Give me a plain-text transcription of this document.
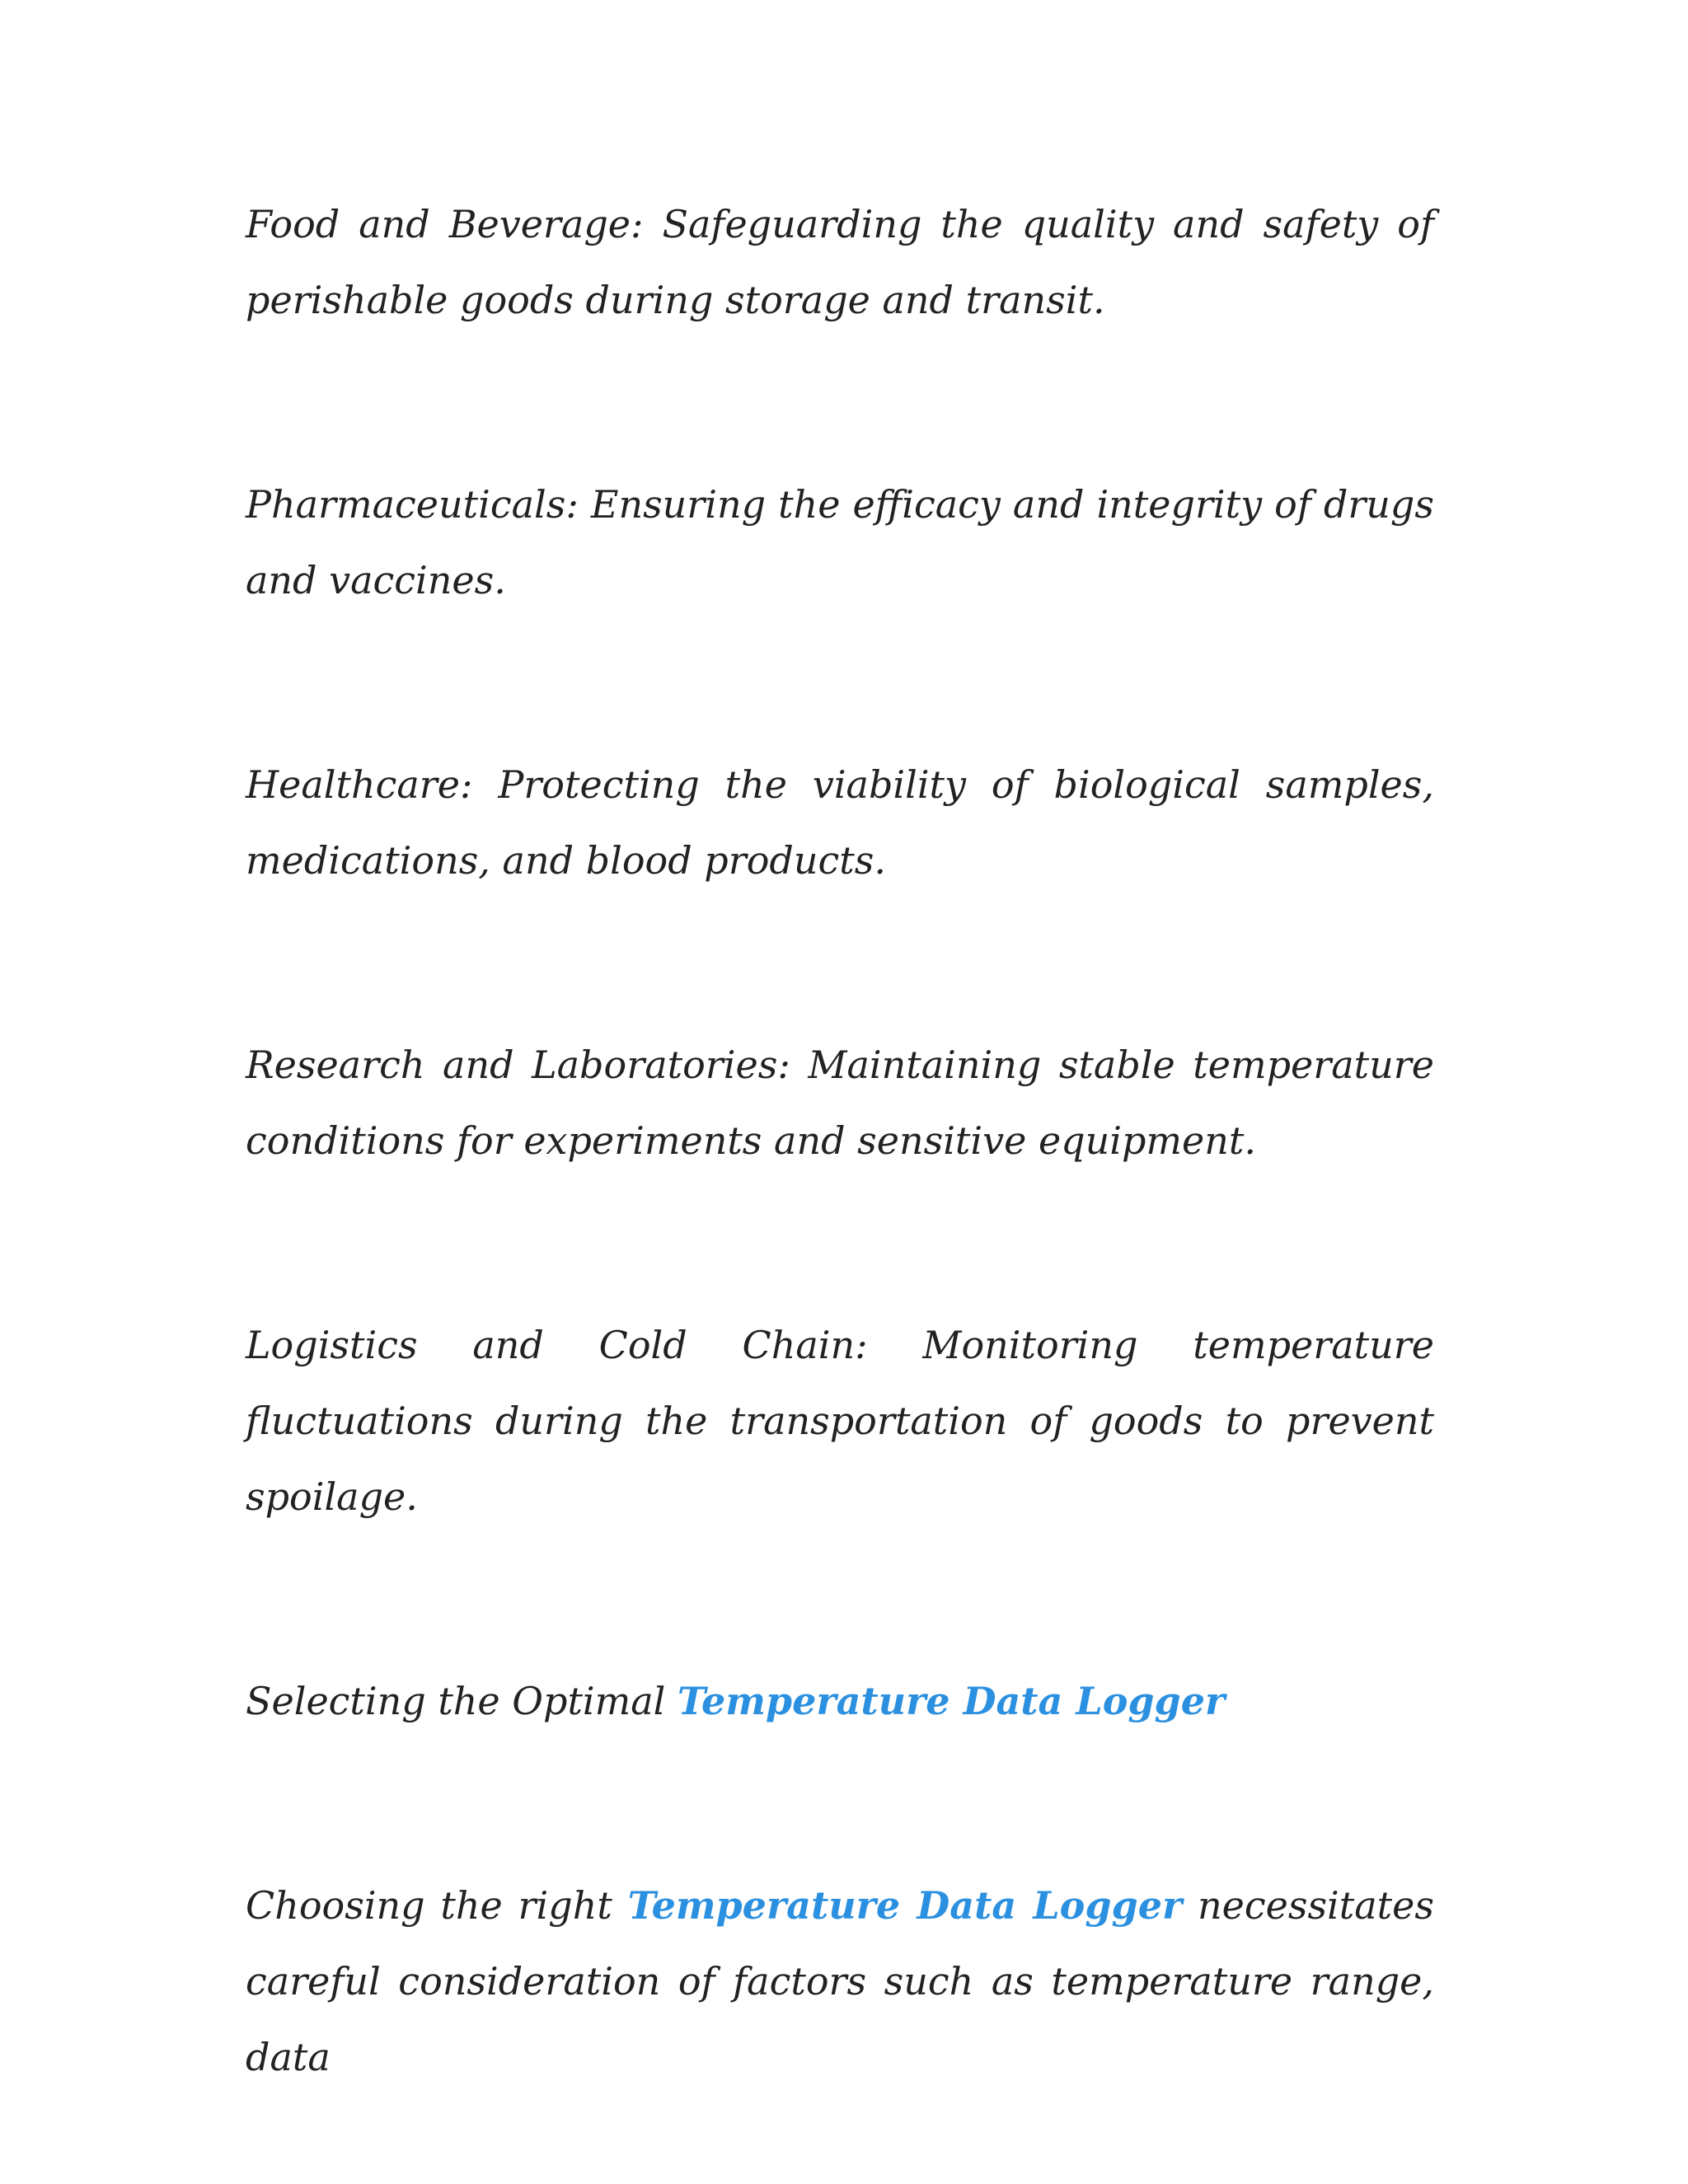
Food and Beverage: Safeguarding the quality and safety of perishable goods during storage and transit.

Pharmaceuticals: Ensuring the efficacy and integrity of drugs and vaccines.

Healthcare: Protecting the viability of biological samples, medications, and blood products.

Research and Laboratories: Maintaining stable temperature conditions for experiments and sensitive equipment.

Logistics and Cold Chain: Monitoring temperature fluctuations during the transportation of goods to prevent spoilage.

Selecting the Optimal Temperature Data Logger

Choosing the right Temperature Data Logger necessitates careful consideration of factors such as temperature range, data
